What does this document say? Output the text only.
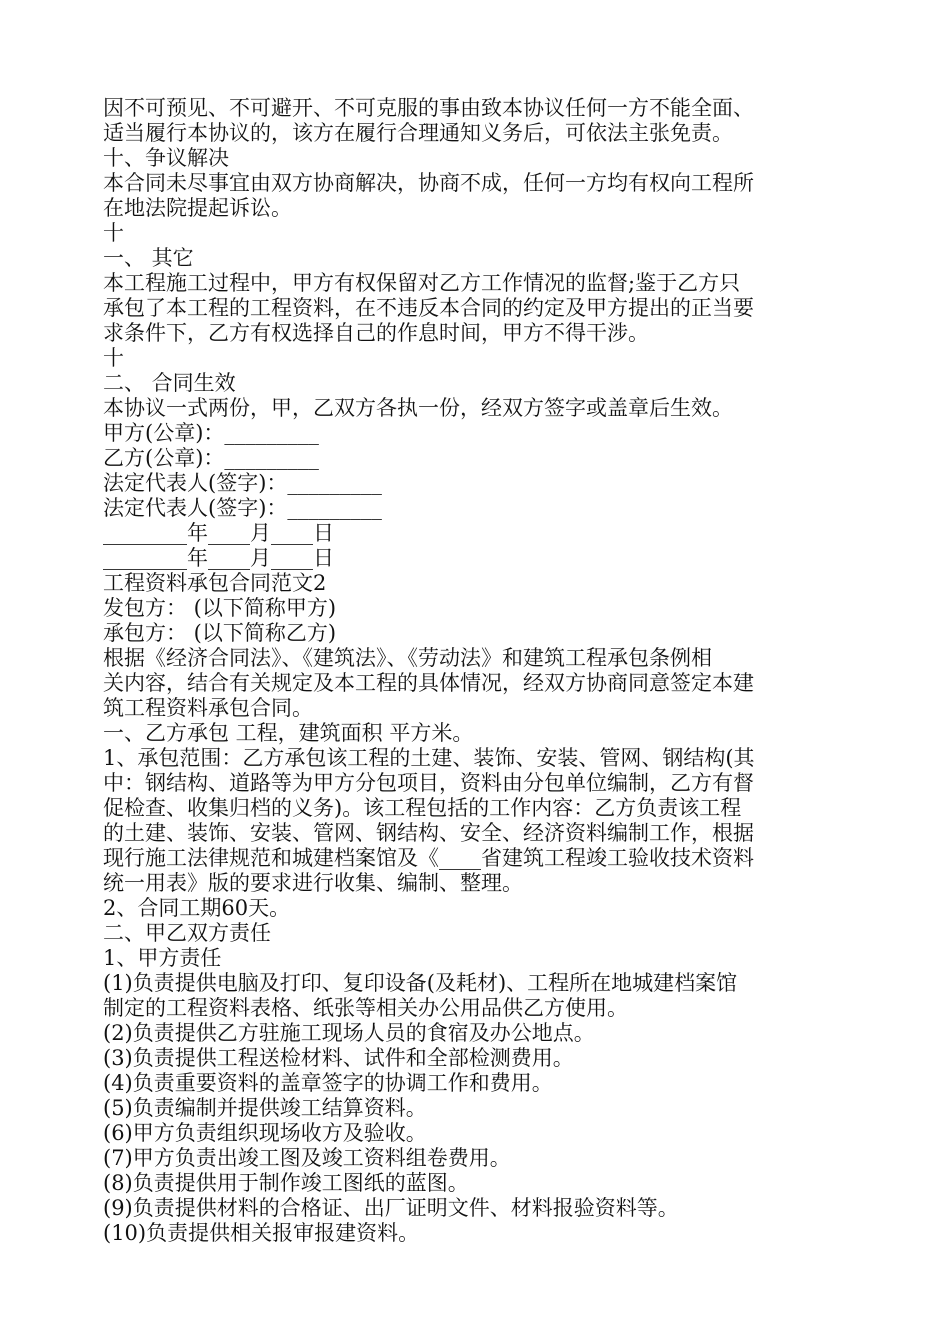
因不可预见、不可避开、不可克服的事由致本协议任何一方不能全面、
适当履行本协议的，该方在履行合理通知义务后，可依法主张免责。
十、争议解决
本合同未尽事宜由双方协商解决，协商不成，任何一方均有权向工程所
在地法院提起诉讼。
十
一、 其它
本工程施工过程中，甲方有权保留对乙方工作情况的监督;鉴于乙方只
承包了本工程的工程资料，在不违反本合同的约定及甲方提出的正当要
求条件下，乙方有权选择自己的作息时间，甲方不得干涉。
十
二、 合同生效
本协议一式两份，甲，乙双方各执一份，经双方签字或盖章后生效。
甲方(公章)：_________
乙方(公章)：_________
法定代表人(签字)：_________
法定代表人(签字)：_________
________年____月____日
________年____月____日
工程资料承包合同范文2
发包方： (以下简称甲方)
承包方： (以下简称乙方)
根据《经济合同法》、《建筑法》、《劳动法》和建筑工程承包条例相
关内容，结合有关规定及本工程的具体情况，经双方协商同意签定本建
筑工程资料承包合同。
一、乙方承包 工程，建筑面积 平方米。
1、承包范围：乙方承包该工程的土建、装饰、安装、管网、钢结构(其
中：钢结构、道路等为甲方分包项目，资料由分包单位编制，乙方有督
促检查、收集归档的义务)。该工程包括的工作内容：乙方负责该工程
的土建、装饰、安装、管网、钢结构、安全、经济资料编制工作，根据
现行施工法律规范和城建档案馆及《____省建筑工程竣工验收技术资料
统一用表》版的要求进行收集、编制、整理。
2、合同工期60天。
二、甲乙双方责任
1、甲方责任
(1)负责提供电脑及打印、复印设备(及耗材)、工程所在地城建档案馆
制定的工程资料表格、纸张等相关办公用品供乙方使用。
(2)负责提供乙方驻施工现场人员的食宿及办公地点。
(3)负责提供工程送检材料、试件和全部检测费用。
(4)负责重要资料的盖章签字的协调工作和费用。
(5)负责编制并提供竣工结算资料。
(6)甲方负责组织现场收方及验收。
(7)甲方负责出竣工图及竣工资料组卷费用。
(8)负责提供用于制作竣工图纸的蓝图。
(9)负责提供材料的合格证、出厂证明文件、材料报验资料等。
(10)负责提供相关报审报建资料。
